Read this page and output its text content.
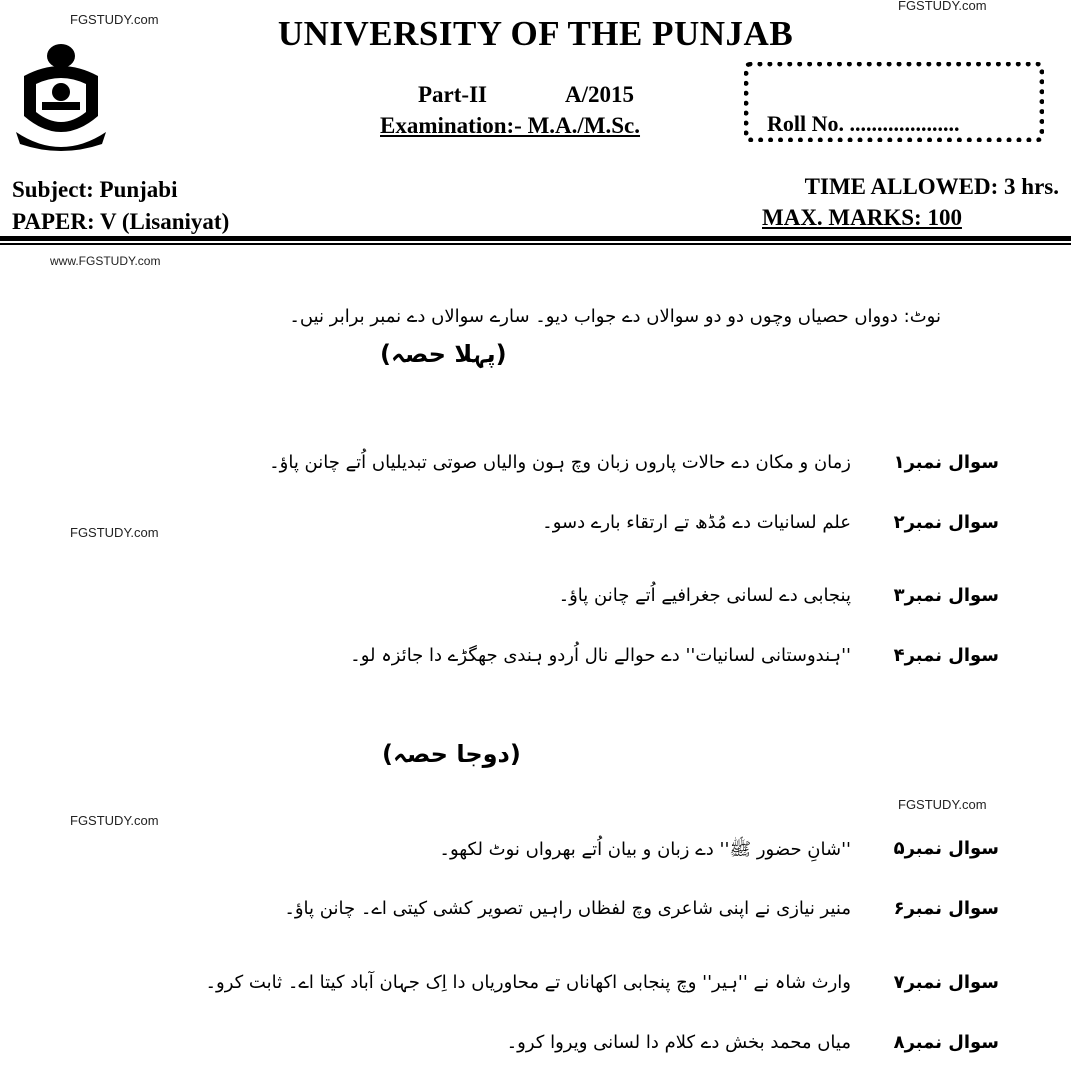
FGSTUDY.com
FGSTUDY.com
www.FGSTUDY.com
FGSTUDY.com
FGSTUDY.com
FGSTUDY.com
UNIVERSITY OF THE PUNJAB
Part-II	A/2015
Examination:- M.A./M.Sc.	Roll No. ....................
Subject: Punjabi
PAPER: V (Lisaniyat)
TIME ALLOWED: 3 hrs.
MAX. MARKS: 100
نوٹ: دوواں حصیاں وچوں دو دو سوالاں دے جواب دیو۔ سارے سوالاں دے نمبر برابر نیں۔
(پہلا حصہ)
سوال نمبر۱
زمان و مکان دے حالات پاروں زبان وچ ہون والیاں صوتی تبدیلیاں اُتے چانن پاؤ۔
سوال نمبر۲
علم لسانیات دے مُڈھ تے ارتقاء بارے دسو۔
سوال نمبر۳
پنجابی دے لسانی جغرافیے اُتے چانن پاؤ۔
سوال نمبر۴
''ہندوستانی لسانیات'' دے حوالے نال اُردو ہندی جھگڑے دا جائزہ لو۔
(دوجا حصہ)
سوال نمبر۵
''شانِ حضور ﷺ'' دے زبان و بیان اُتے بھرواں نوٹ لکھو۔
سوال نمبر۶
منیر نیازی نے اپنی شاعری وچ لفظاں راہیں تصویر کشی کیتی اے۔ چانن پاؤ۔
سوال نمبر۷
وارث شاہ نے ''ہیر'' وچ پنجابی اکھاناں تے محاوریاں دا اِک جہان آباد کیتا اے۔ ثابت کرو۔
سوال نمبر۸
میاں محمد بخش دے کلام دا لسانی ویروا کرو۔
